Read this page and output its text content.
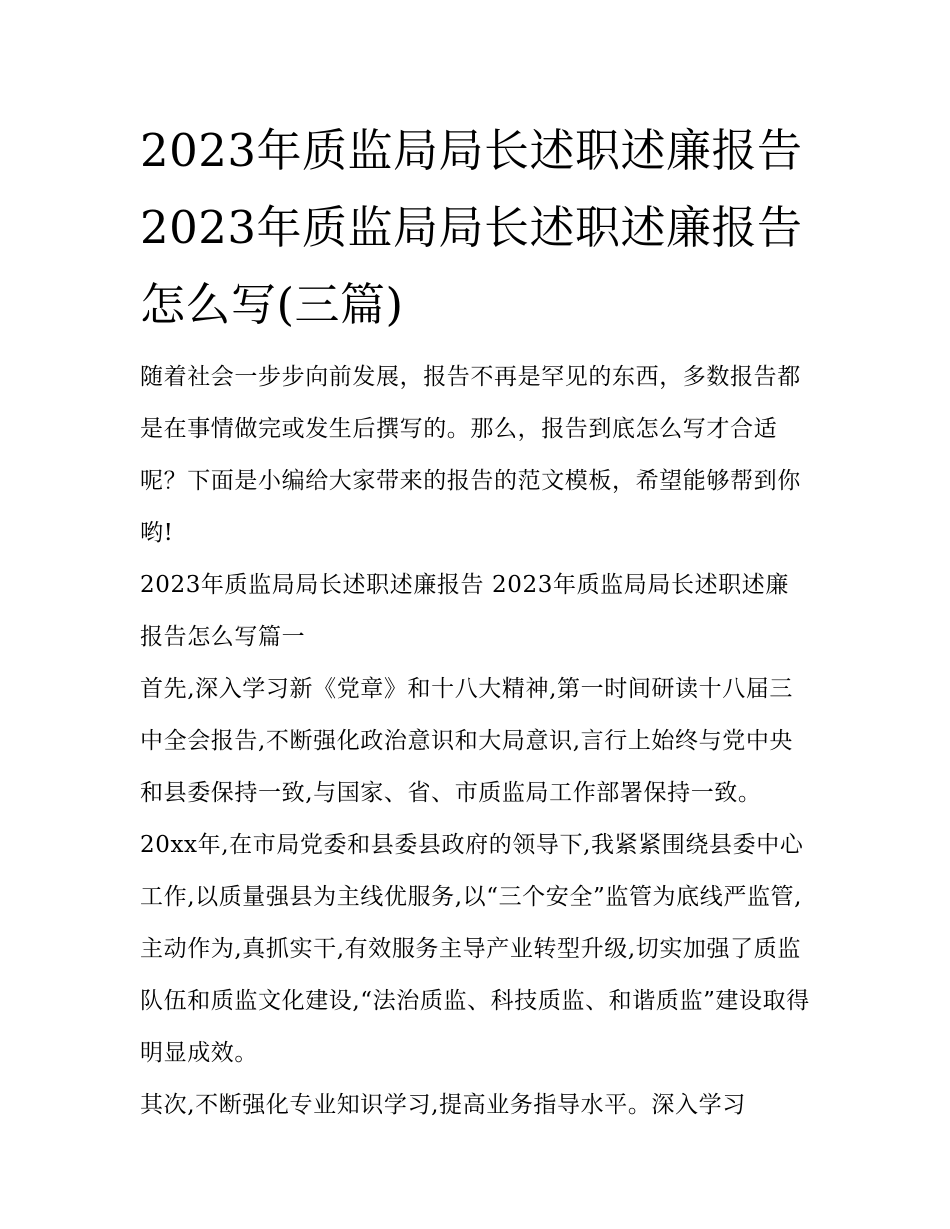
2023年质监局局长述职述廉报告 2023年质监局局长述职述廉报告怎么写(三篇)

随着社会一步步向前发展，报告不再是罕见的东西，多数报告都是在事情做完或发生后撰写的。那么，报告到底怎么写才合适呢？下面是小编给大家带来的报告的范文模板，希望能够帮到你哟!

2023年质监局局长述职述廉报告 2023年质监局局长述职述廉报告怎么写篇一

首先,深入学习新《党章》和十八大精神,第一时间研读十八届三中全会报告,不断强化政治意识和大局意识,言行上始终与党中央和县委保持一致,与国家、省、市质监局工作部署保持一致。20xx年,在市局党委和县委县政府的领导下,我紧紧围绕县委中心工作,以质量强县为主线优服务,以“三个安全”监管为底线严监管,主动作为,真抓实干,有效服务主导产业转型升级,切实加强了质监队伍和质监文化建设,“法治质监、科技质监、和谐质监”建设取得明显成效。

其次,不断强化专业知识学习,提高业务指导水平。深入学习
